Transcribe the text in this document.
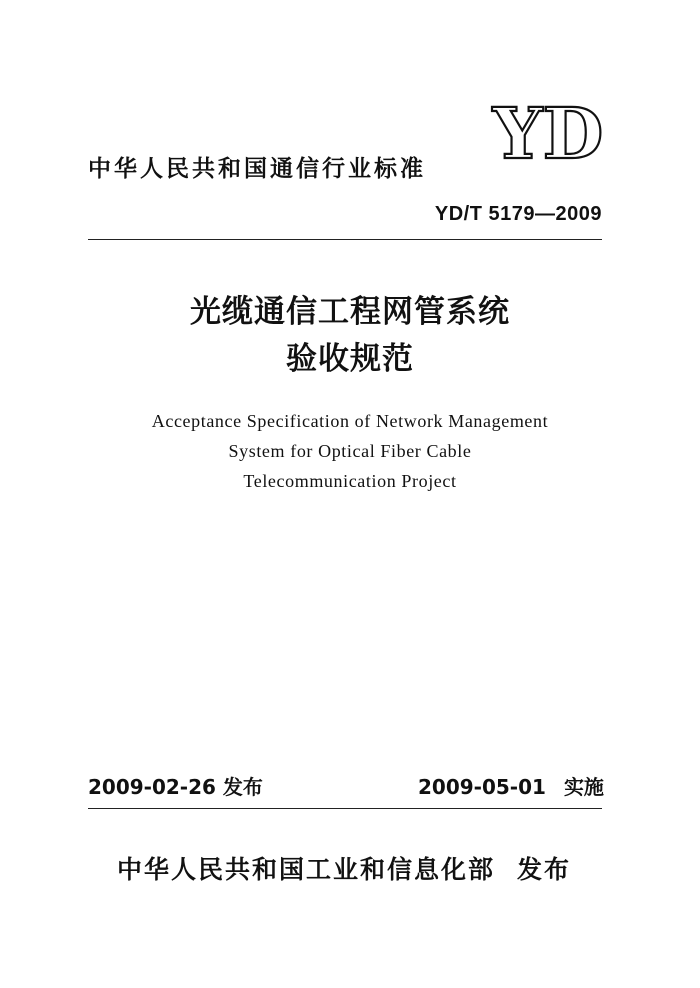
中华人民共和国通信行业标准 YD
YD/T 5179—2009
光缆通信工程网管系统
验收规范
Acceptance Specification of Network Management
System for Optical Fiber Cable
Telecommunication Project
2009-02-26 发布	2009-05-01 实施
中华人民共和国工业和信息化部 发布
